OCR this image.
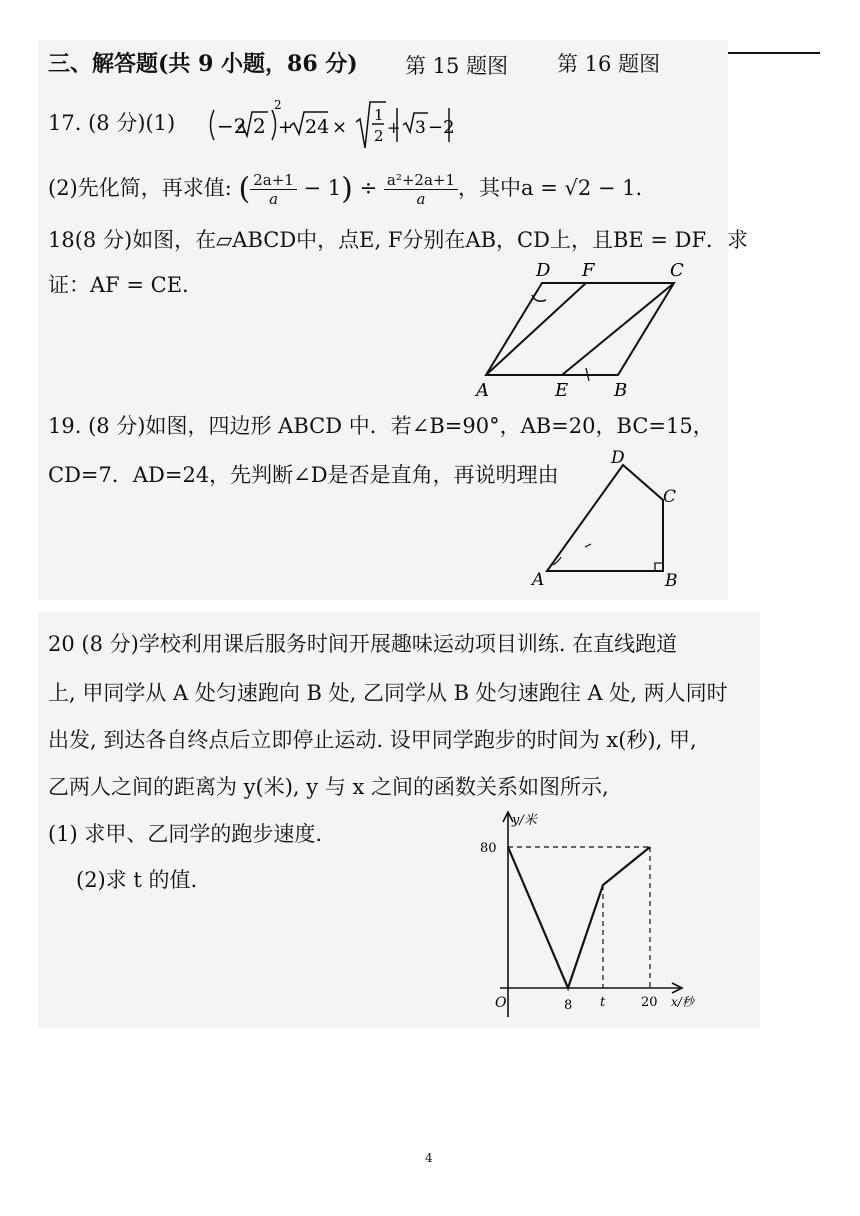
三、解答题(共 9 小题，86 分) 第 15 题图 第 16 题图
17. (8 分)(1) −2 2
2
+ 24 ×
1
2 + 3 −2
(2)先化简，再求值: ( $\frac{2a+1}{a} - 1) \div \frac{\text{a²+2a+1}}{a}$ ，其中a = √2 − 1.
18(8 分)如图，在▱ABCD中，点E, F分别在AB，CD上，且BE = DF．求
证：AF = CE．
A	B
C
D
E
F
19. (8 分)如图，四边形 ABCD 中．若∠B=90°，AB=20，BC=15，
CD=7．AD=24，先判断∠D是否是直角，再说明理由
A	B
C
D
20 (8 分)学校利用课后服务时间开展趣味运动项目训练. 在直线跑道
上, 甲同学从 A 处匀速跑向 B 处, 乙同学从 B 处匀速跑往 A 处, 两人同时
出发, 到达各自终点后立即停止运动. 设甲同学跑步的时间为 x(秒), 甲,
乙两人之间的距离为 y(米), y 与 x 之间的函数关系如图所示,
(1) 求甲、乙同学的跑步速度.
(2)求 t 的值.
y/米
80
O	8 t	20 x/秒
4
